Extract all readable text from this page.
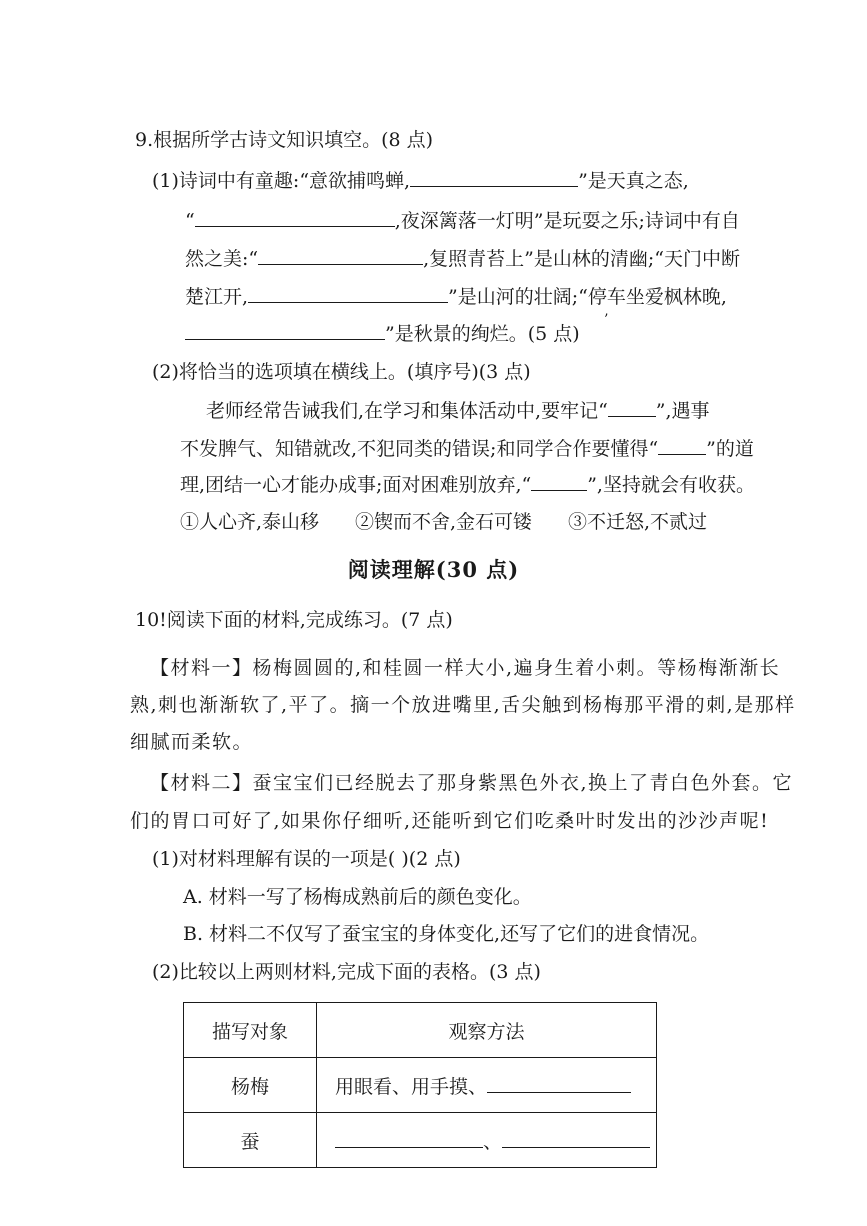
9.根据所学古诗文知识填空。(8 点)
(1)诗词中有童趣:“意欲捕鸣蝉,	”是天真之态,
“	,夜深篱落一灯明”是玩耍之乐;诗词中有自
然之美:“	,复照青苔上”是山林的清幽;“天门中断
楚江开,	”是山河的壮阔;“停车坐爱枫林晚,
”是秋景的绚烂。(5 点)
’
(2)将恰当的选项填在横线上。(填序号)(3 点)
老师经常告诫我们,在学习和集体活动中,要牢记“	”,遇事
不发脾气、知错就改,不犯同类的错误;和同学合作要懂得“	”的道
理,团结一心才能办成事;面对困难别放弃,“	”,坚持就会有收获。
①人心齐,泰山移 ②锲而不舍,金石可镂 ③不迁怒,不贰过
阅读理解(30 点)
10!阅读下面的材料,完成练习。(7 点)
【材料一】杨梅圆圆的,和桂圆一样大小,遍身生着小刺。等杨梅渐渐长
熟,刺也渐渐软了,平了。摘一个放进嘴里,舌尖触到杨梅那平滑的刺,是那样
细腻而柔软。
【材料二】蚕宝宝们已经脱去了那身紫黑色外衣,换上了青白色外套。它
们的胃口可好了,如果你仔细听,还能听到它们吃桑叶时发出的沙沙声呢!
(1)对材料理解有误的一项是( )(2 点)
A. 材料一写了杨梅成熟前后的颜色变化。
B. 材料二不仅写了蚕宝宝的身体变化,还写了它们的进食情况。
(2)比较以上两则材料,完成下面的表格。(3 点)
描写对象	观察方法
杨梅	用眼看、用手摸、
蚕	、
